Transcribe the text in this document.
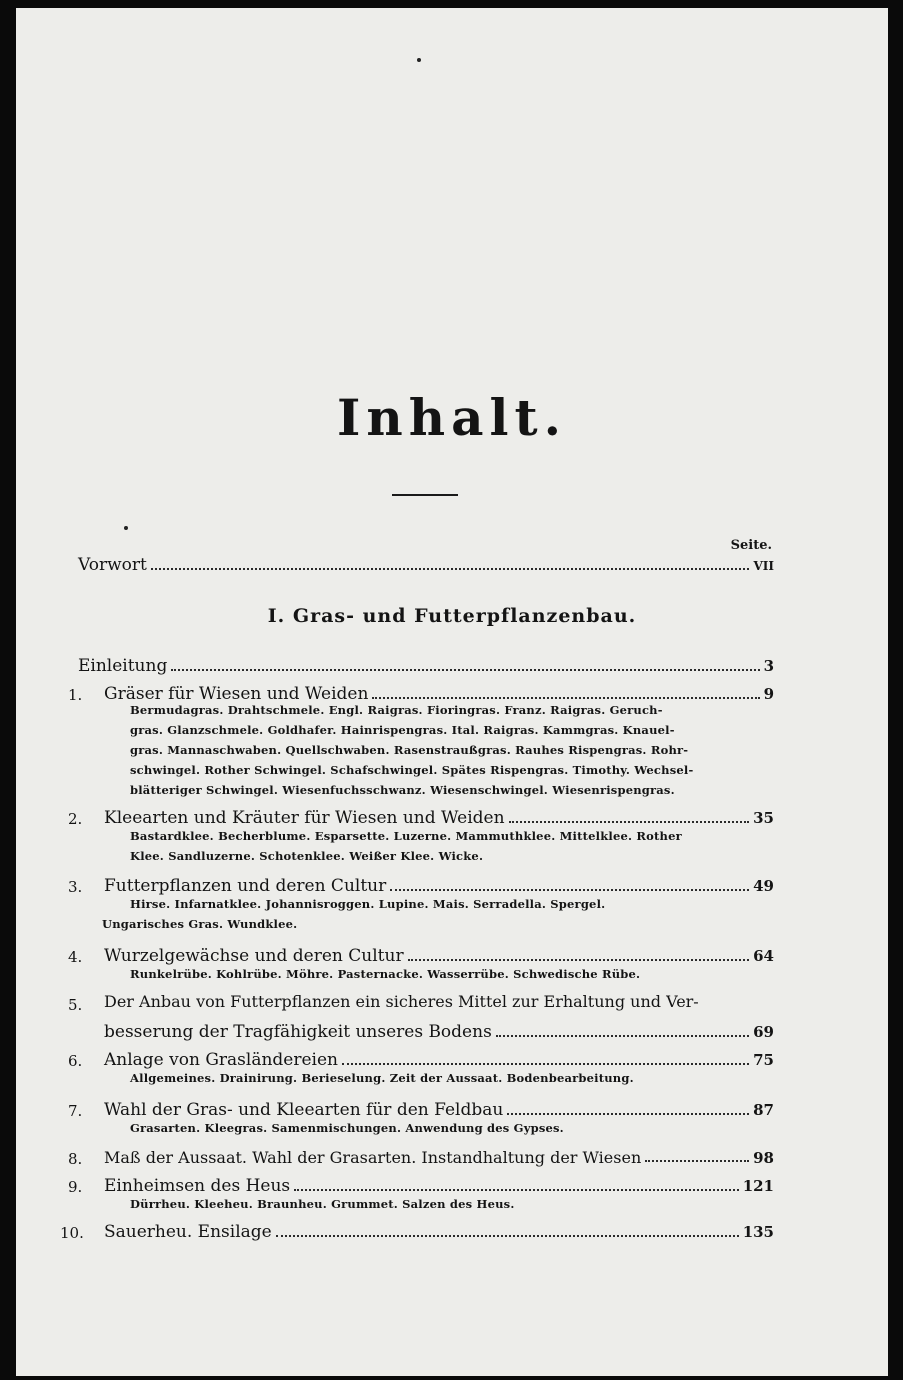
Inhalt.
Seite.
Vorwort	VII
I. Gras- und Futterpflanzenbau.
Einleitung	3
1. Gräser für Wiesen und Weiden	9
Bermudagras. Drahtschmele. Engl. Raigras. Fioringras. Franz. Raigras. Geruch-
gras. Glanzschmele. Goldhafer. Hainrispengras. Ital. Raigras. Kammgras. Knauel-
gras. Mannaschwaben. Quellschwaben. Rasenstraußgras. Rauhes Rispengras. Rohr-
schwingel. Rother Schwingel. Schafschwingel. Spätes Rispengras. Timothy. Wechsel-
blätteriger Schwingel. Wiesenfuchsschwanz. Wiesenschwingel. Wiesenrispengras.
2. Kleearten und Kräuter für Wiesen und Weiden	35
Bastardklee. Becherblume. Esparsette. Luzerne. Mammuthklee. Mittelklee. Rother
Klee. Sandluzerne. Schotenklee. Weißer Klee. Wicke.
3. Futterpflanzen und deren Cultur	49
Hirse. Infarnatklee. Johannisroggen. Lupine. Mais. Serradella. Spergel.
Ungarisches Gras. Wundklee.
4. Wurzelgewächse und deren Cultur	64
Runkelrübe. Kohlrübe. Möhre. Pasternacke. Wasserrübe. Schwedische Rübe.
5. Der Anbau von Futterpflanzen ein sicheres Mittel zur Erhaltung und Ver-
besserung der Tragfähigkeit unseres Bodens	69
6. Anlage von Grasländereien	75
Allgemeines. Drainirung. Berieselung. Zeit der Aussaat. Bodenbearbeitung.
7. Wahl der Gras- und Kleearten für den Feldbau	87
Grasarten. Kleegras. Samenmischungen. Anwendung des Gypses.
8. Maß der Aussaat. Wahl der Grasarten. Instandhaltung der Wiesen	98
9. Einheimsen des Heus	121
Dürrheu. Kleeheu. Braunheu. Grummet. Salzen des Heus.
10. Sauerheu. Ensilage	135
